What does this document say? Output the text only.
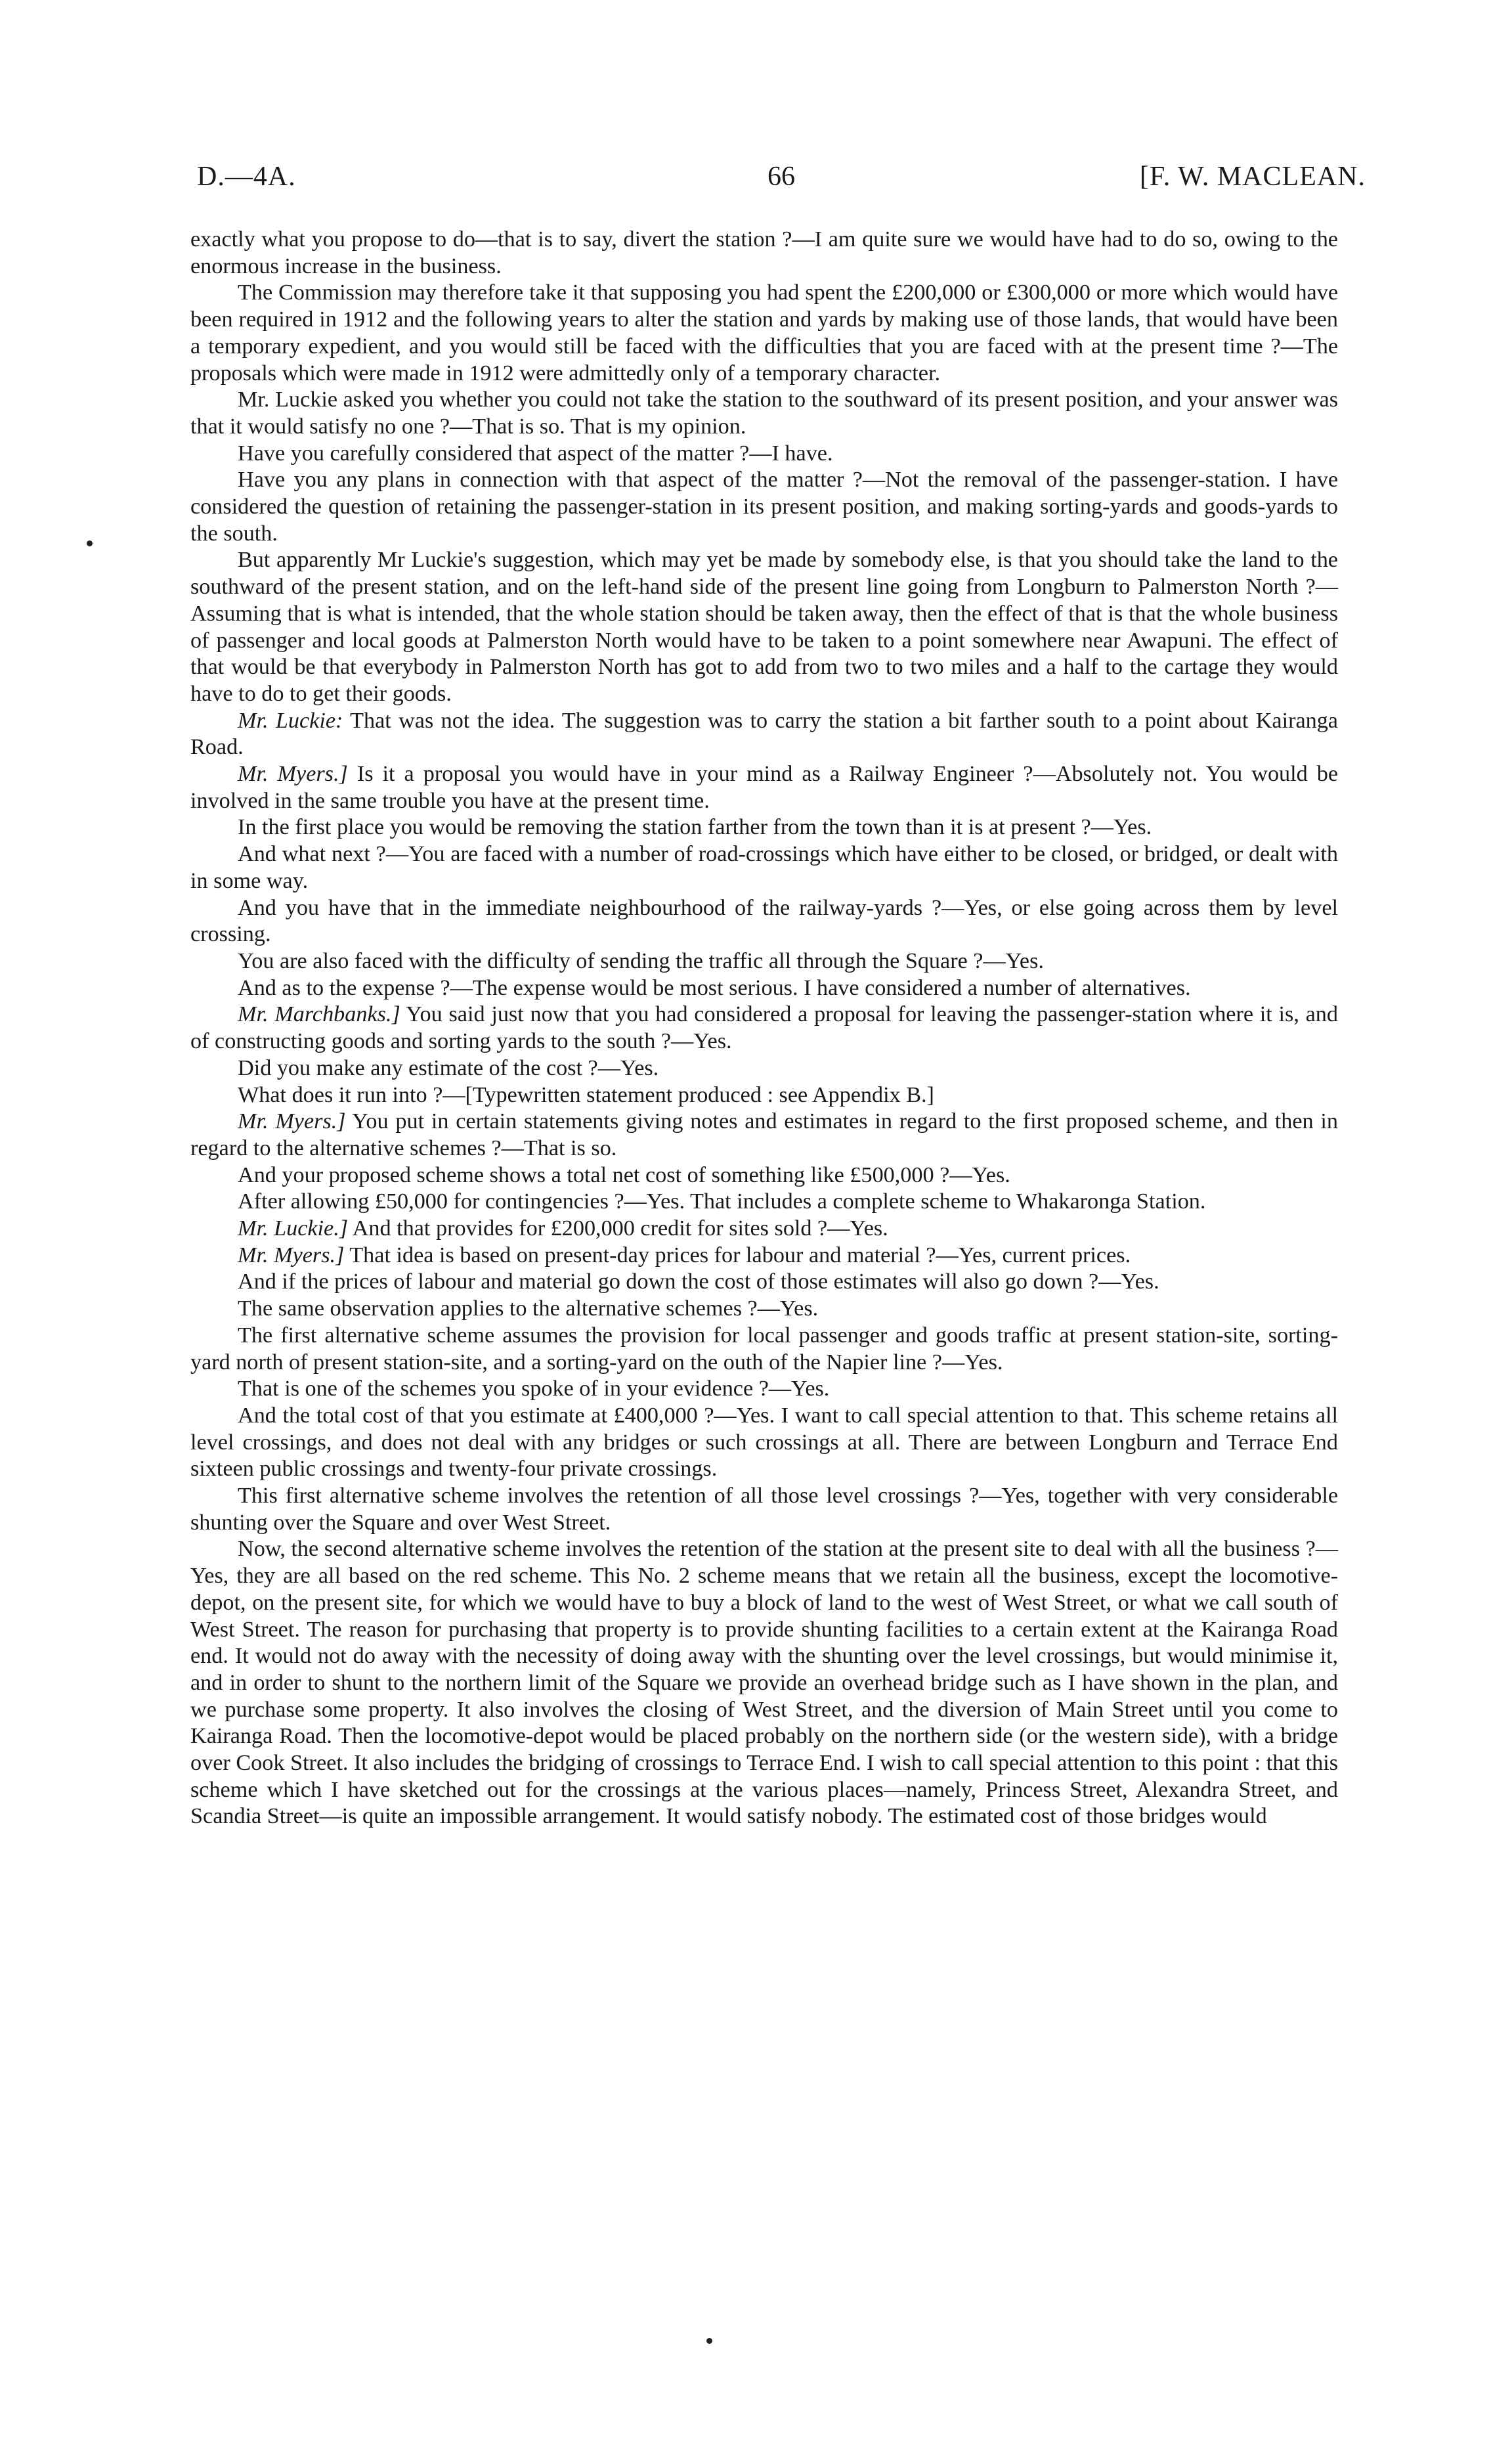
D.—4A.	66	[F. W. MACLEAN.

exactly what you propose to do—that is to say, divert the station ?—I am quite sure we would have had to do so, owing to the enormous increase in the business.

The Commission may therefore take it that supposing you had spent the £200,000 or £300,000 or more which would have been required in 1912 and the following years to alter the station and yards by making use of those lands, that would have been a temporary expedient, and you would still be faced with the difficulties that you are faced with at the present time ?—The proposals which were made in 1912 were admittedly only of a temporary character.

Mr. Luckie asked you whether you could not take the station to the southward of its present position, and your answer was that it would satisfy no one ?—That is so. That is my opinion.

Have you carefully considered that aspect of the matter ?—I have.

Have you any plans in connection with that aspect of the matter ?—Not the removal of the passenger-station. I have considered the question of retaining the passenger-station in its present position, and making sorting-yards and goods-yards to the south.

But apparently Mr Luckie's suggestion, which may yet be made by somebody else, is that you should take the land to the southward of the present station, and on the left-hand side of the present line going from Longburn to Palmerston North ?—Assuming that is what is intended, that the whole station should be taken away, then the effect of that is that the whole business of passenger and local goods at Palmerston North would have to be taken to a point somewhere near Awapuni. The effect of that would be that everybody in Palmerston North has got to add from two to two miles and a half to the cartage they would have to do to get their goods.

Mr. Luckie: That was not the idea. The suggestion was to carry the station a bit farther south to a point about Kairanga Road.

Mr. Myers.] Is it a proposal you would have in your mind as a Railway Engineer ?—Absolutely not. You would be involved in the same trouble you have at the present time.

In the first place you would be removing the station farther from the town than it is at present ?—Yes.

And what next ?—You are faced with a number of road-crossings which have either to be closed, or bridged, or dealt with in some way.

And you have that in the immediate neighbourhood of the railway-yards ?—Yes, or else going across them by level crossing.

You are also faced with the difficulty of sending the traffic all through the Square ?—Yes.

And as to the expense ?—The expense would be most serious. I have considered a number of alternatives.

Mr. Marchbanks.] You said just now that you had considered a proposal for leaving the passenger-station where it is, and of constructing goods and sorting yards to the south ?—Yes.

Did you make any estimate of the cost ?—Yes.

What does it run into ?—[Typewritten statement produced : see Appendix B.]

Mr. Myers.] You put in certain statements giving notes and estimates in regard to the first proposed scheme, and then in regard to the alternative schemes ?—That is so.

And your proposed scheme shows a total net cost of something like £500,000 ?—Yes.

After allowing £50,000 for contingencies ?—Yes. That includes a complete scheme to Whakaronga Station.

Mr. Luckie.] And that provides for £200,000 credit for sites sold ?—Yes.

Mr. Myers.] That idea is based on present-day prices for labour and material ?—Yes, current prices.

And if the prices of labour and material go down the cost of those estimates will also go down ?—Yes.

The same observation applies to the alternative schemes ?—Yes.

The first alternative scheme assumes the provision for local passenger and goods traffic at present station-site, sorting-yard north of present station-site, and a sorting-yard on the outh of the Napier line ?—Yes.

That is one of the schemes you spoke of in your evidence ?—Yes.

And the total cost of that you estimate at £400,000 ?—Yes. I want to call special attention to that. This scheme retains all level crossings, and does not deal with any bridges or such crossings at all. There are between Longburn and Terrace End sixteen public crossings and twenty-four private crossings.

This first alternative scheme involves the retention of all those level crossings ?—Yes, together with very considerable shunting over the Square and over West Street.

Now, the second alternative scheme involves the retention of the station at the present site to deal with all the business ?—Yes, they are all based on the red scheme. This No. 2 scheme means that we retain all the business, except the locomotive-depot, on the present site, for which we would have to buy a block of land to the west of West Street, or what we call south of West Street. The reason for purchasing that property is to provide shunting facilities to a certain extent at the Kairanga Road end. It would not do away with the necessity of doing away with the shunting over the level crossings, but would minimise it, and in order to shunt to the northern limit of the Square we provide an overhead bridge such as I have shown in the plan, and we purchase some property. It also involves the closing of West Street, and the diversion of Main Street until you come to Kairanga Road. Then the locomotive-depot would be placed probably on the northern side (or the western side), with a bridge over Cook Street. It also includes the bridging of crossings to Terrace End. I wish to call special attention to this point : that this scheme which I have sketched out for the crossings at the various places—namely, Princess Street, Alexandra Street, and Scandia Street—is quite an impossible arrangement. It would satisfy nobody. The estimated cost of those bridges would
